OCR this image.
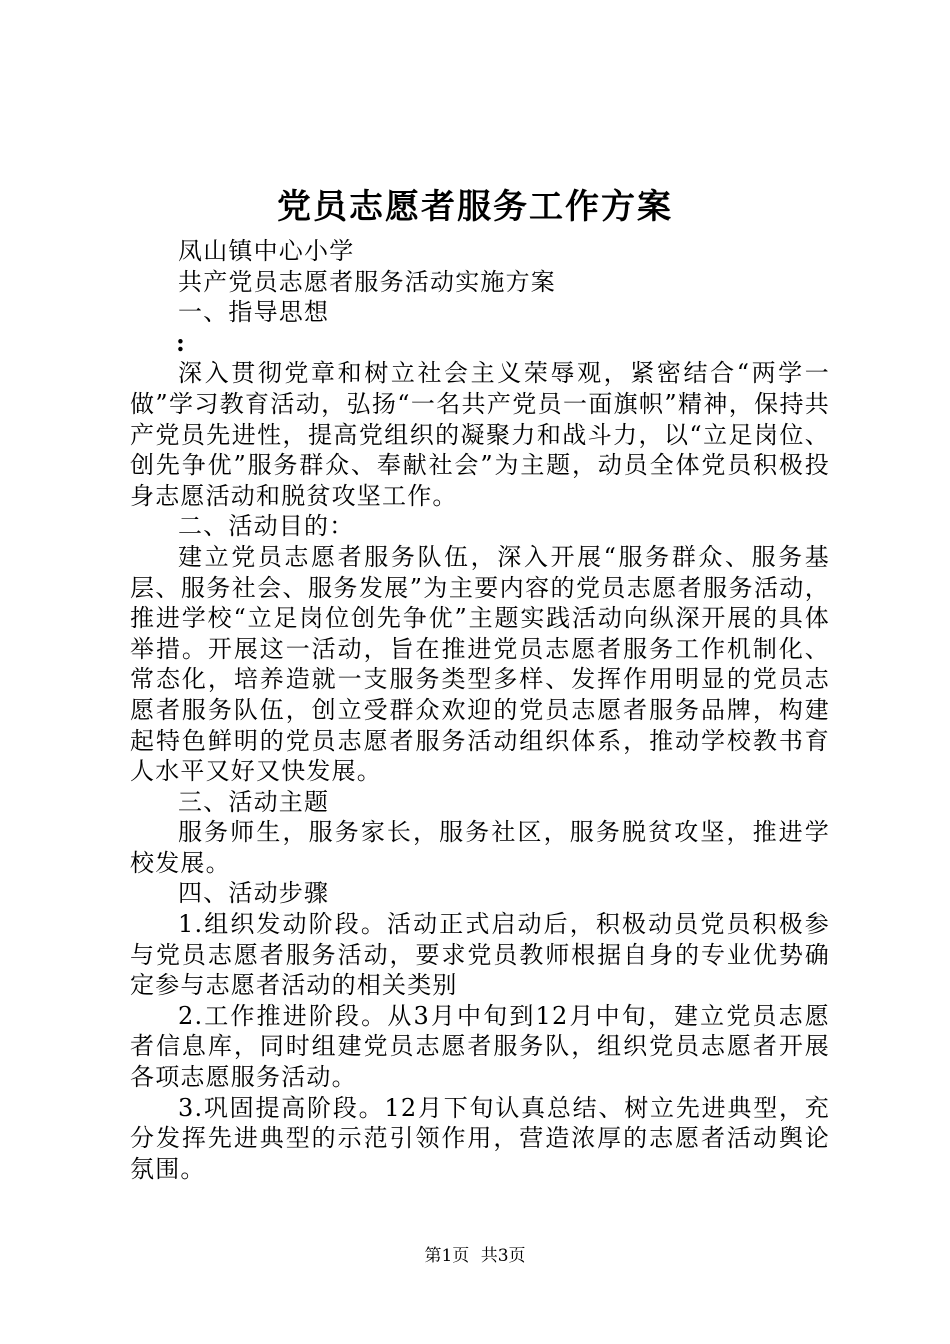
党员志愿者服务工作方案

凤山镇中心小学

共产党员志愿者服务活动实施方案

一、指导思想

:

深入贯彻党章和树立社会主义荣辱观，紧密结合“两学一做”学习教育活动，弘扬“一名共产党员一面旗帜”精神，保持共产党员先进性，提高党组织的凝聚力和战斗力，以“立足岗位、创先争优”服务群众、奉献社会”为主题，动员全体党员积极投身志愿活动和脱贫攻坚工作。

二、活动目的：

建立党员志愿者服务队伍，深入开展“服务群众、服务基层、服务社会、服务发展”为主要内容的党员志愿者服务活动，推进学校“立足岗位创先争优”主题实践活动向纵深开展的具体举措。开展这一活动，旨在推进党员志愿者服务工作机制化、常态化，培养造就一支服务类型多样、发挥作用明显的党员志愿者服务队伍，创立受群众欢迎的党员志愿者服务品牌，构建起特色鲜明的党员志愿者服务活动组织体系，推动学校教书育人水平又好又快发展。

三、活动主题

服务师生，服务家长，服务社区，服务脱贫攻坚，推进学校发展。

四、活动步骤

1.组织发动阶段。活动正式启动后，积极动员党员积极参与党员志愿者服务活动，要求党员教师根据自身的专业优势确定参与志愿者活动的相关类别

2.工作推进阶段。从3月中旬到12月中旬，建立党员志愿者信息库，同时组建党员志愿者服务队，组织党员志愿者开展各项志愿服务活动。

3.巩固提高阶段。12月下旬认真总结、树立先进典型，充分发挥先进典型的示范引领作用，营造浓厚的志愿者活动舆论氛围。

第1页 共3页
